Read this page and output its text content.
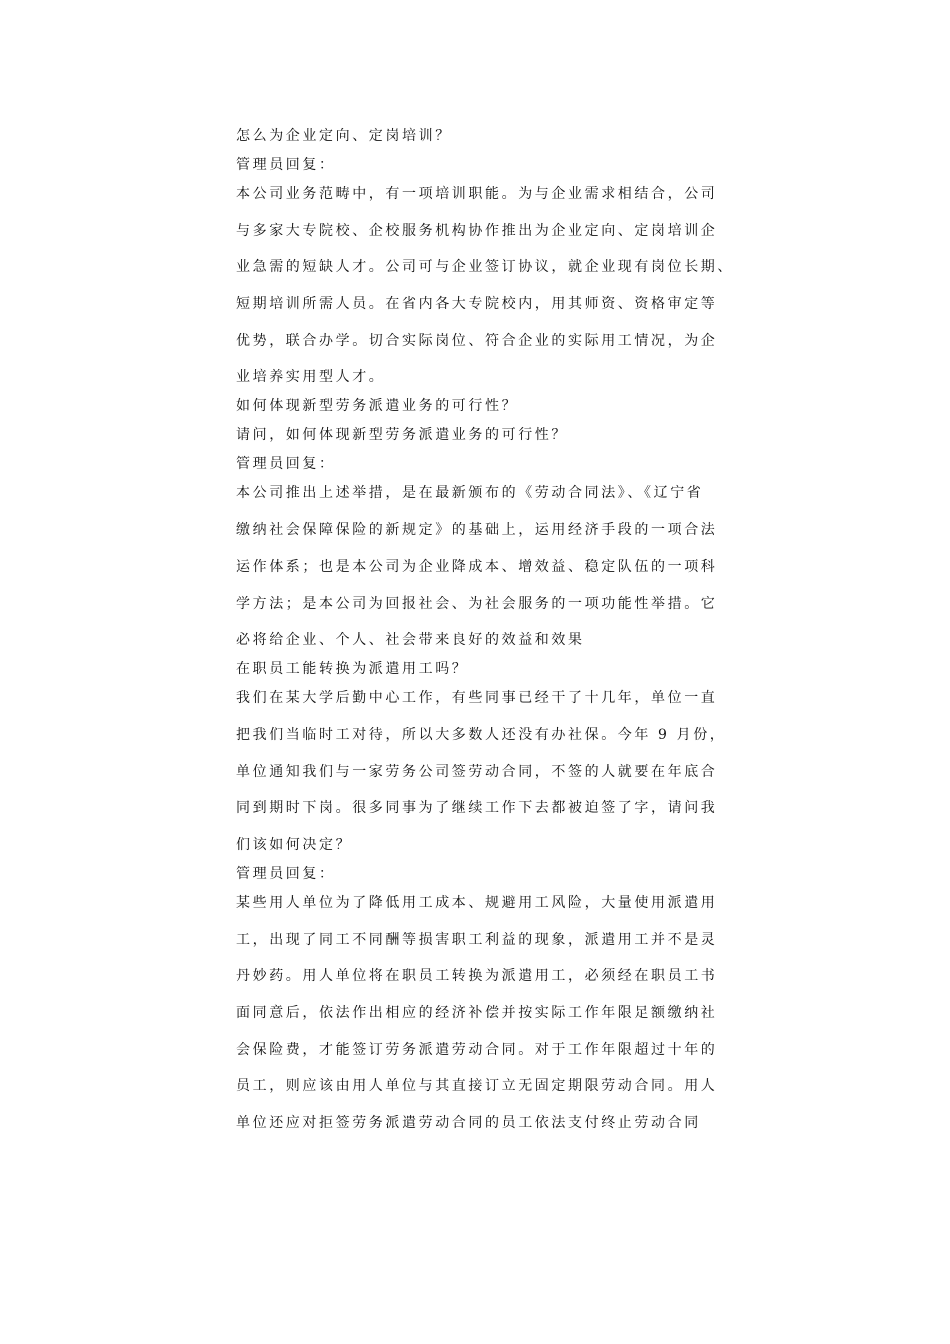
怎么为企业定向、定岗培训？

管理员回复：

本公司业务范畴中，有一项培训职能。为与企业需求相结合，公司

与多家大专院校、企校服务机构协作推出为企业定向、定岗培训企

业急需的短缺人才。公司可与企业签订协议，就企业现有岗位长期、

短期培训所需人员。在省内各大专院校内，用其师资、资格审定等

优势，联合办学。切合实际岗位、符合企业的实际用工情况，为企

业培养实用型人才。

如何体现新型劳务派遣业务的可行性？

请问，如何体现新型劳务派遣业务的可行性？

管理员回复：

本公司推出上述举措，是在最新颁布的《劳动合同法》、《辽宁省

缴纳社会保障保险的新规定》的基础上，运用经济手段的一项合法

运作体系；也是本公司为企业降成本、增效益、稳定队伍的一项科

学方法；是本公司为回报社会、为社会服务的一项功能性举措。它

必将给企业、个人、社会带来良好的效益和效果

在职员工能转换为派遣用工吗？

我们在某大学后勤中心工作，有些同事已经干了十几年，单位一直

把我们当临时工对待，所以大多数人还没有办社保。今年 9 月份，

单位通知我们与一家劳务公司签劳动合同，不签的人就要在年底合

同到期时下岗。很多同事为了继续工作下去都被迫签了字，请问我

们该如何决定？

管理员回复：

某些用人单位为了降低用工成本、规避用工风险，大量使用派遣用

工，出现了同工不同酬等损害职工利益的现象，派遣用工并不是灵

丹妙药。用人单位将在职员工转换为派遣用工，必须经在职员工书

面同意后，依法作出相应的经济补偿并按实际工作年限足额缴纳社

会保险费，才能签订劳务派遣劳动合同。对于工作年限超过十年的

员工，则应该由用人单位与其直接订立无固定期限劳动合同。用人

单位还应对拒签劳务派遣劳动合同的员工依法支付终止劳动合同
